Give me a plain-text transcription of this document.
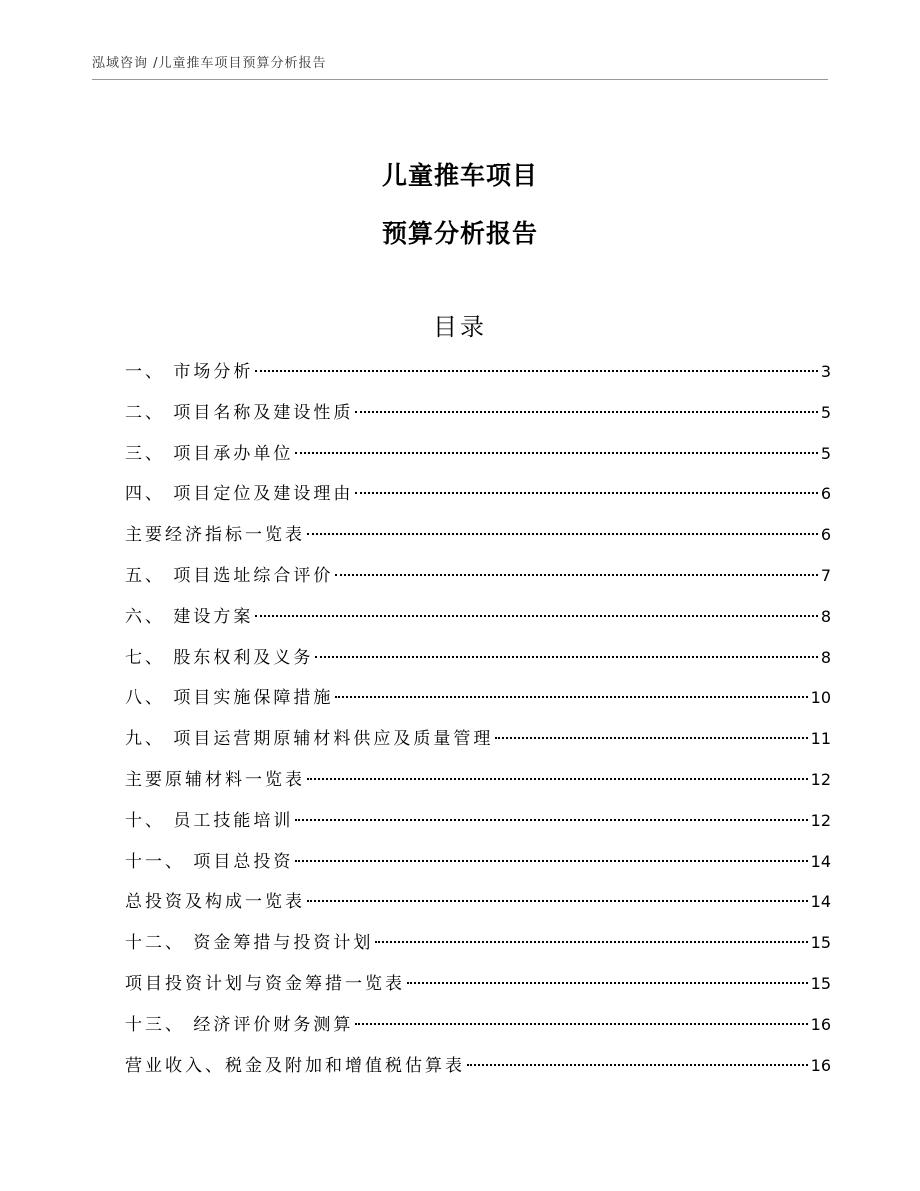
泓域咨询 /儿童推车项目预算分析报告
儿童推车项目
预算分析报告
目录
一、 市场分析	3
二、 项目名称及建设性质	5
三、 项目承办单位	5
四、 项目定位及建设理由	6
主要经济指标一览表	6
五、 项目选址综合评价	7
六、 建设方案	8
七、 股东权利及义务	8
八、 项目实施保障措施	10
九、 项目运营期原辅材料供应及质量管理	11
主要原辅材料一览表	12
十、 员工技能培训	12
十一、 项目总投资	14
总投资及构成一览表	14
十二、 资金筹措与投资计划	15
项目投资计划与资金筹措一览表	15
十三、 经济评价财务测算	16
营业收入、税金及附加和增值税估算表	16
